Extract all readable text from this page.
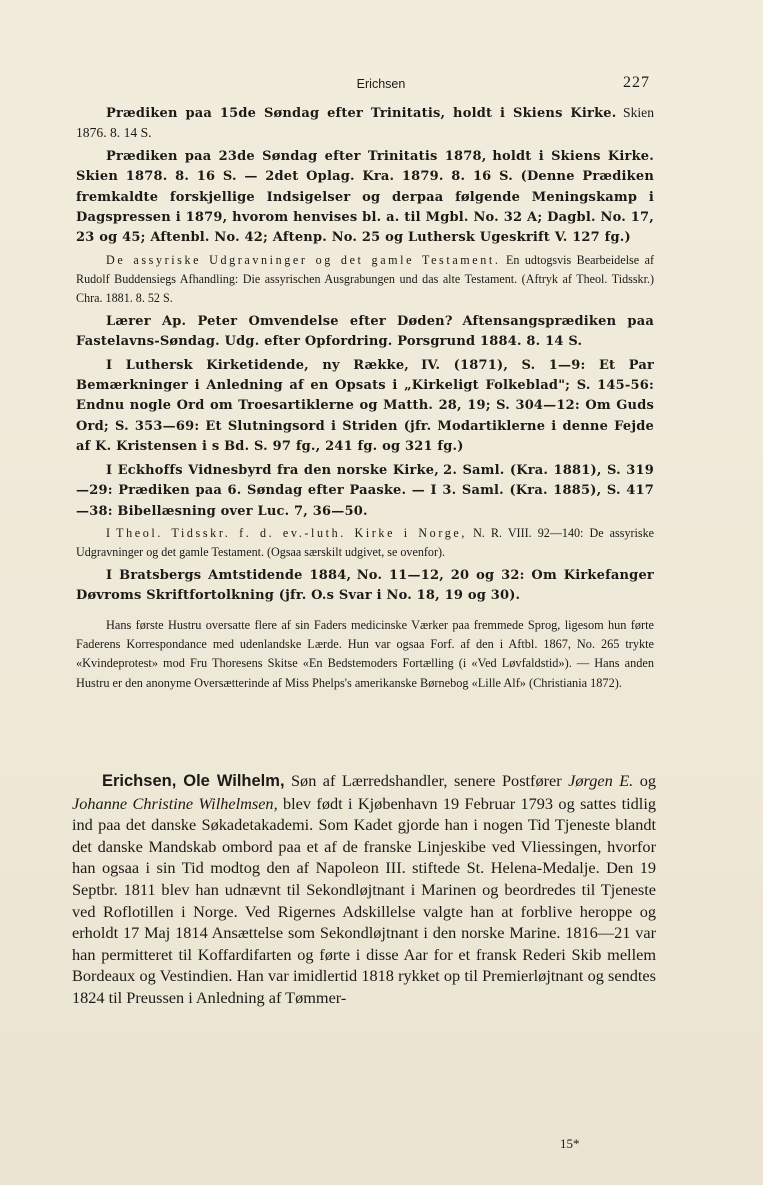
Erichsen	227

Prædiken paa 15de Søndag efter Trinitatis, holdt i Skiens Kirke. Skien 1876. 8. 14 S.

Prædiken paa 23de Søndag efter Trinitatis 1878, holdt i Skiens Kirke. Skien 1878. 8. 16 S. — 2det Oplag. Kra. 1879. 8. 16 S. (Denne Prædiken fremkaldte forskjellige Indsigelser og derpaa følgende Meningskamp i Dagspressen i 1879, hvorom henvises bl. a. til Mgbl. No. 32 A; Dagbl. No. 17, 23 og 45; Aftenbl. No. 42; Aftenp. No. 25 og Luthersk Ugeskrift V. 127 fg.)

De assyriske Udgravninger og det gamle Testament. En udtogsvis Bearbeidelse af Rudolf Buddensiegs Afhandling: Die assyrischen Ausgrabungen und das alte Testament. (Aftryk af Theol. Tidsskr.) Chra. 1881. 8. 52 S.

Lærer Ap. Peter Omvendelse efter Døden? Aftensangsprædiken paa Fastelavns-Søndag. Udg. efter Opfordring. Porsgrund 1884. 8. 14 S.

I Luthersk Kirketidende, ny Række, IV. (1871), S. 1—9: Et Par Bemærkninger i Anledning af en Opsats i „Kirkeligt Folkeblad"; S. 145-56: Endnu nogle Ord om Troesartiklerne og Matth. 28, 19; S. 304—12: Om Guds Ord; S. 353—69: Et Slutningsord i Striden (jfr. Modartiklerne i denne Fejde af K. Kristensen i s Bd. S. 97 fg., 241 fg. og 321 fg.)

I Eckhoffs Vidnesbyrd fra den norske Kirke, 2. Saml. (Kra. 1881), S. 319—29: Prædiken paa 6. Søndag efter Paaske. — I 3. Saml. (Kra. 1885), S. 417—38: Bibellæsning over Luc. 7, 36—50.

I Theol. Tidsskr. f. d. ev.-luth. Kirke i Norge, N. R. VIII. 92—140: De assyriske Udgravninger og det gamle Testament. (Ogsaa særskilt udgivet, se ovenfor).

I Bratsbergs Amtstidende 1884, No. 11—12, 20 og 32: Om Kirkefanger Døvroms Skriftfortolkning (jfr. O.s Svar i No. 18, 19 og 30).

Hans første Hustru oversatte flere af sin Faders medicinske Værker paa fremmede Sprog, ligesom hun førte Faderens Korrespondance med udenlandske Lærde. Hun var ogsaa Forf. af den i Aftbl. 1867, No. 265 trykte «Kvindeprotest» mod Fru Thoresens Skitse «En Bedstemoders Fortælling (i «Ved Løvfaldstid»). — Hans anden Hustru er den anonyme Oversætterinde af Miss Phelps's amerikanske Børnebog «Lille Alf» (Christiania 1872).

Erichsen, Ole Wilhelm, Søn af Lærredshandler, senere Postfører Jørgen E. og Johanne Christine Wilhelmsen, blev født i Kjøbenhavn 19 Februar 1793 og sattes tidlig ind paa det danske Søkadetakademi. Som Kadet gjorde han i nogen Tid Tjeneste blandt det danske Mandskab ombord paa et af de franske Linjeskibe ved Vliessingen, hvorfor han ogsaa i sin Tid modtog den af Napoleon III. stiftede St. Helena-Medalje. Den 19 Septbr. 1811 blev han udnævnt til Sekondløjtnant i Marinen og beordredes til Tjeneste ved Roflotillen i Norge. Ved Rigernes Adskillelse valgte han at forblive heroppe og erholdt 17 Maj 1814 Ansættelse som Sekondløjtnant i den norske Marine. 1816—21 var han permitteret til Koffardifarten og førte i disse Aar for et fransk Rederi Skib mellem Bordeaux og Vestindien. Han var imidlertid 1818 rykket op til Premierløjtnant og sendtes 1824 til Preussen i Anledning af Tømmer-

15*
